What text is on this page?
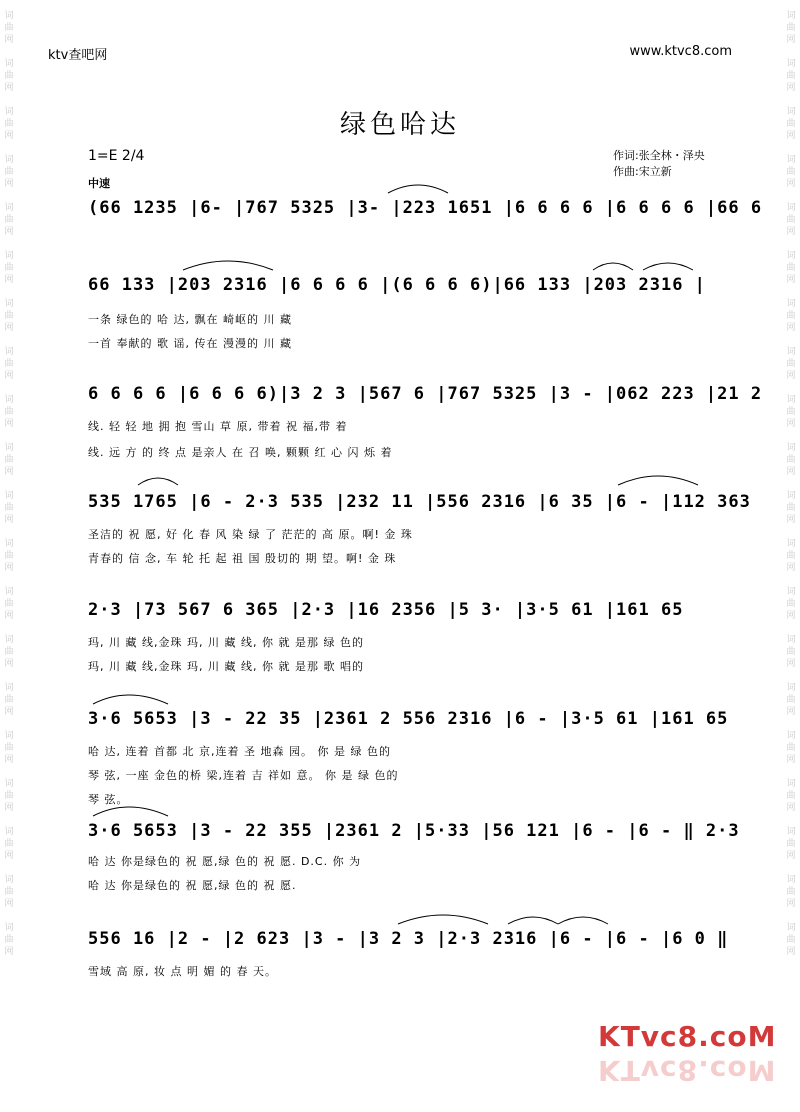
词
曲
网

词
曲
网

词
曲
网

词
曲
网

词
曲
网

词
曲
网

词
曲
网

词
曲
网

词
曲
网

词
曲
网

词
曲
网

词
曲
网

词
曲
网

词
曲
网

词
曲
网

词
曲
网

词
曲
网

词
曲
网

词
曲
网

词
曲
网
词
曲
网

词
曲
网

词
曲
网

词
曲
网

词
曲
网

词
曲
网

词
曲
网

词
曲
网

词
曲
网

词
曲
网

词
曲
网

词
曲
网

词
曲
网

词
曲
网

词
曲
网

词
曲
网

词
曲
网

词
曲
网

词
曲
网

词
曲
网
ktv查吧网	www.ktvc8.com
绿色哈达
1=E 2/4
中速
作词:张全林・泽央
作曲:宋立新
(66 1235 |6- |767 5325 |3- |223 1651 |6 6 6 6 |6 6 6 6 |66 6
66 133 |203 2316 |6 6 6 6 |(6 6 6 6)|66 133 |203 2316 |
一条 绿色的 哈 达, 飘在 崎岖的 川 藏
一首 奉献的 歌 谣, 传在 漫漫的 川 藏
6 6 6 6 |6 6 6 6)|3 2 3 |567 6 |767 5325 |3 - |062 223 |21 2
线. 轻 轻 地 拥 抱 雪山 草 原, 带着 祝 福,带 着
线. 远 方 的 终 点 是亲人 在 召 唤, 颗颗 红 心 闪 烁 着
535 1765 |6 - 2·3 535 |232 11 |556 2316 |6 35 |6 - |112 363
圣洁的 祝 愿, 好 化 春 风 染 绿 了 茫茫的 高 原。啊! 金 珠
青春的 信 念, 车 轮 托 起 祖 国 殷切的 期 望。啊! 金 珠
2·3 |73 567 6 365 |2·3 |16 2356 |5 3· |3·5 61 |161 65
玛, 川 藏 线,金珠 玛, 川 藏 线, 你 就 是那 绿 色的
玛, 川 藏 线,金珠 玛, 川 藏 线, 你 就 是那 歌 唱的
3·6 5653 |3 - 22 35 |2361 2 556 2316 |6 - |3·5 61 |161 65
哈 达, 连着 首都 北 京,连着 圣 地森 园。 你 是 绿 色的
琴 弦, 一座 金色的桥 梁,连着 吉 祥如 意。 你 是 绿 色的
琴 弦。
3·6 5653 |3 - 22 355 |2361 2 |5·33 |56 121 |6 - |6 - ‖ 2·3
哈 达 你是绿色的 祝 愿,绿 色的 祝 愿. D.C. 你 为
哈 达 你是绿色的 祝 愿,绿 色的 祝 愿.
556 16 |2 - |2 623 |3 - |3 2 3 |2·3 2316 |6 - |6 - |6 0 ‖
雪域 高 原, 妆 点 明 媚 的 春 天。
KTvc8.coM
KTvc8.coM
